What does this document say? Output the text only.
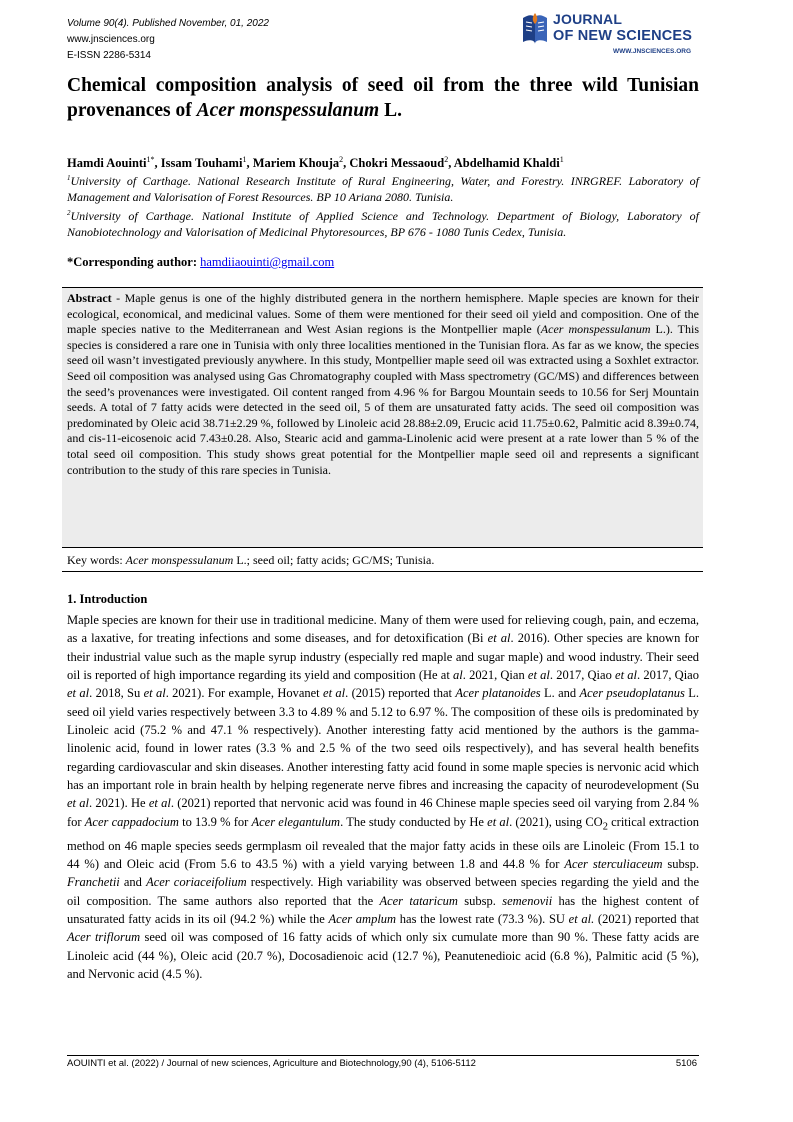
Volume 90(4). Published November, 01, 2022
www.jnsciences.org
E-ISSN 2286-5314
JOURNAL
OF NEW SCIENCES
WWW.JNSCIENCES.ORG
Chemical composition analysis of seed oil from the three wild Tunisian provenances of Acer monspessulanum L.
Hamdi Aouinti$^{1*}$, Issam Touhami$^1$, Mariem Khouja$^2$, Chokri Messaoud$^2$, Abdelhamid Khaldi$^1$
$^1$University of Carthage. National Research Institute of Rural Engineering, Water, and Forestry. INRGREF. Laboratory of Management and Valorisation of Forest Resources. BP 10 Ariana 2080. Tunisia.
$^2$University of Carthage. National Institute of Applied Science and Technology. Department of Biology, Laboratory of Nanobiotechnology and Valorisation of Medicinal Phytoresources, BP 676 - 1080 Tunis Cedex, Tunisia.
*Corresponding author: hamdiiaouinti@gmail.com

Abstract - Maple genus is one of the highly distributed genera in the northern hemisphere. Maple species are known for their ecological, economical, and medicinal values. Some of them were mentioned for their seed oil yield and composition. One of the maple species native to the Mediterranean and West Asian regions is the Montpellier maple (Acer monspessulanum L.). This species is considered a rare one in Tunisia with only three localities mentioned in the Tunisian flora. As far as we know, the species seed oil wasn’t investigated previously anywhere. In this study, Montpellier maple seed oil was extracted using a Soxhlet extractor. Seed oil composition was analysed using Gas Chromatography coupled with Mass spectrometry (GC/MS) and differences between the seed’s provenances were investigated. Oil content ranged from 4.96 % for Bargou Mountain seeds to 10.56 for Serj Mountain seeds. A total of 7 fatty acids were detected in the seed oil, 5 of them are unsaturated fatty acids. The seed oil composition was predominated by Oleic acid 38.71±2.29 %, followed by Linoleic acid 28.88±2.09, Erucic acid 11.75±0.62, Palmitic acid 8.39±0.74, and cis-11-eicosenoic acid 7.43±0.28. Also, Stearic acid and gamma-Linolenic acid were present at a rate lower than 5 % of the total seed oil composition. This study shows great potential for the Montpellier maple seed oil and represents a significant contribution to the study of this rare species in Tunisia.

Key words: Acer monspessulanum L.; seed oil; fatty acids; GC/MS; Tunisia.
1. Introduction

Maple species are known for their use in traditional medicine. Many of them were used for relieving cough, pain, and eczema, as a laxative, for treating infections and some diseases, and for detoxification (Bi et al. 2016). Other species are known for their industrial value such as the maple syrup industry (especially red maple and sugar maple) and wood industry. Their seed oil is reported of high importance regarding its yield and composition (He at al. 2021, Qian et al. 2017, Qiao et al. 2017, Qiao et al. 2018, Su et al. 2021). For example, Hovanet et al. (2015) reported that Acer platanoides L. and Acer pseudoplatanus L. seed oil yield varies respectively between 3.3 to 4.89 % and 5.12 to 6.97 %. The composition of these oils is predominated by Linoleic acid (75.2 % and 47.1 % respectively). Another interesting fatty acid mentioned by the authors is the gamma-linolenic acid, found in lower rates (3.3 % and 2.5 % of the two seed oils respectively), and has several health benefits regarding cardiovascular and skin diseases. Another interesting fatty acid found in some maple species is nervonic acid which has an important role in brain health by helping regenerate nerve fibres and increasing the capacity of neurodevelopment (Su et al. 2021). He et al. (2021) reported that nervonic acid was found in 46 Chinese maple species seed oil varying from 2.84 % for Acer cappadocium to 13.9 % for Acer elegantulum. The study conducted by He et al. (2021), using $CO_2$ critical extraction method on 46 maple species seeds germplasm oil revealed that the major fatty acids in these oils are Linoleic (From 15.1 to 44 %) and Oleic acid (From 5.6 to 43.5 %) with a yield varying between 1.8 and 44.8 % for Acer sterculiaceum subsp. Franchetii and Acer coriaceifolium respectively. High variability was observed between species regarding the yield and the oil composition. The same authors also reported that the Acer tataricum subsp. semenovii has the highest content of unsaturated fatty acids in its oil (94.2 %) while the Acer amplum has the lowest rate (73.3 %). SU et al. (2021) reported that Acer triflorum seed oil was composed of 16 fatty acids of which only six cumulate more than 90 %. These fatty acids are Linoleic acid (44 %), Oleic acid (20.7 %), Docosadienoic acid (12.7 %), Peanutenedioic acid (6.8 %), Palmitic acid (5 %), and Nervonic acid (4.5 %).

AOUINTI et al. (2022) / Journal of new sciences, Agriculture and Biotechnology,90 (4), 5106-5112	5106
